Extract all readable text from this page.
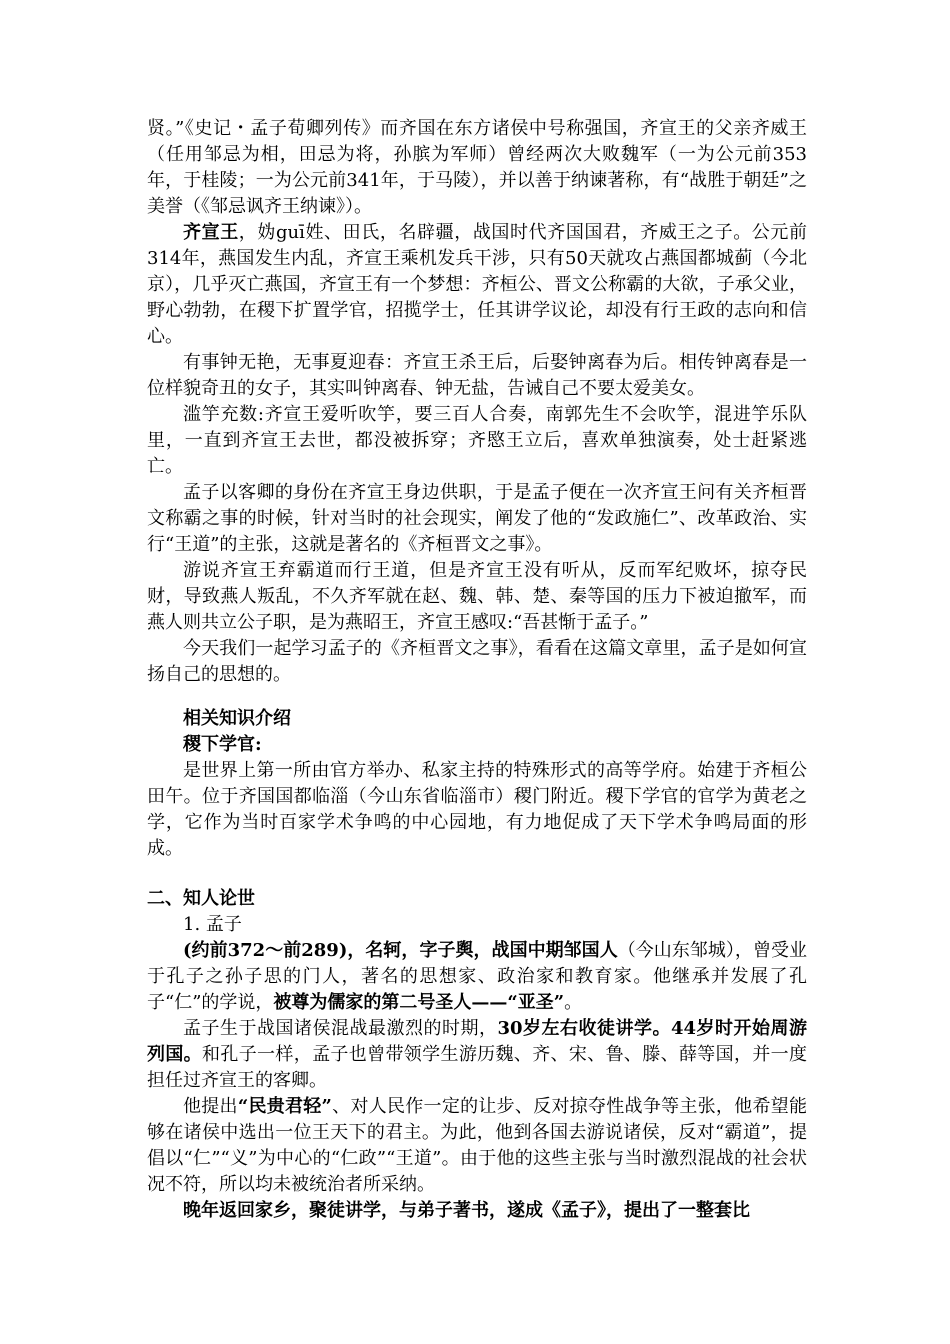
贤。”《史记・孟子荀卿列传》而齐国在东方诸侯中号称强国，齐宣王的父亲齐威王（任用邹忌为相，田忌为将，孙膑为军师）曾经两次大败魏军（一为公元前353年，于桂陵；一为公元前341年，于马陵），并以善于纳谏著称，有“战胜于朝廷”之美誉（《邹忌讽齐王纳谏》）。

齐宣王，妫guī姓、田氏，名辟疆，战国时代齐国国君，齐威王之子。公元前314年，燕国发生内乱，齐宣王乘机发兵干涉，只有50天就攻占燕国都城蓟（今北京），几乎灭亡燕国，齐宣王有一个梦想：齐桓公、晋文公称霸的大欲，子承父业，野心勃勃，在稷下扩置学官，招揽学士，任其讲学议论，却没有行王政的志向和信心。

有事钟无艳，无事夏迎春：齐宣王杀王后，后娶钟离春为后。相传钟离春是一位样貌奇丑的女子，其实叫钟离春、钟无盐，告诫自己不要太爱美女。

滥竽充数:齐宣王爱听吹竽，要三百人合奏，南郭先生不会吹竽，混进竽乐队里，一直到齐宣王去世，都没被拆穿；齐愍王立后，喜欢单独演奏，处士赶紧逃亡。

孟子以客卿的身份在齐宣王身边供职，于是孟子便在一次齐宣王问有关齐桓晋文称霸之事的时候，针对当时的社会现实，阐发了他的“发政施仁”、改革政治、实行“王道”的主张，这就是著名的《齐桓晋文之事》。

游说齐宣王弃霸道而行王道，但是齐宣王没有听从，反而军纪败坏，掠夺民财，导致燕人叛乱，不久齐军就在赵、魏、韩、楚、秦等国的压力下被迫撤军，而燕人则共立公子职，是为燕昭王，齐宣王感叹:“吾甚惭于孟子。”

今天我们一起学习孟子的《齐桓晋文之事》，看看在这篇文章里，孟子是如何宣扬自己的思想的。

相关知识介绍

稷下学官:

是世界上第一所由官方举办、私家主持的特殊形式的高等学府。始建于齐桓公田午。位于齐国国都临淄（今山东省临淄市）稷门附近。稷下学官的官学为黄老之学，它作为当时百家学术争鸣的中心园地，有力地促成了天下学术争鸣局面的形成。

二、知人论世

1. 孟子

(约前372～前289)，名轲，字子舆，战国中期邹国人（今山东邹城），曾受业于孔子之孙子思的门人，著名的思想家、政治家和教育家。他继承并发展了孔子“仁”的学说，被尊为儒家的第二号圣人——“亚圣”。

孟子生于战国诸侯混战最激烈的时期，30岁左右收徒讲学。44岁时开始周游列国。和孔子一样，孟子也曾带领学生游历魏、齐、宋、鲁、滕、薛等国，并一度担任过齐宣王的客卿。

他提出“民贵君轻”、对人民作一定的让步、反对掠夺性战争等主张，他希望能够在诸侯中选出一位王天下的君主。为此，他到各国去游说诸侯，反对“霸道”，提倡以“仁”“义”为中心的“仁政”“王道”。由于他的这些主张与当时激烈混战的社会状况不符，所以均未被统治者所采纳。

晚年返回家乡，聚徒讲学，与弟子著书，遂成《孟子》，提出了一整套比
